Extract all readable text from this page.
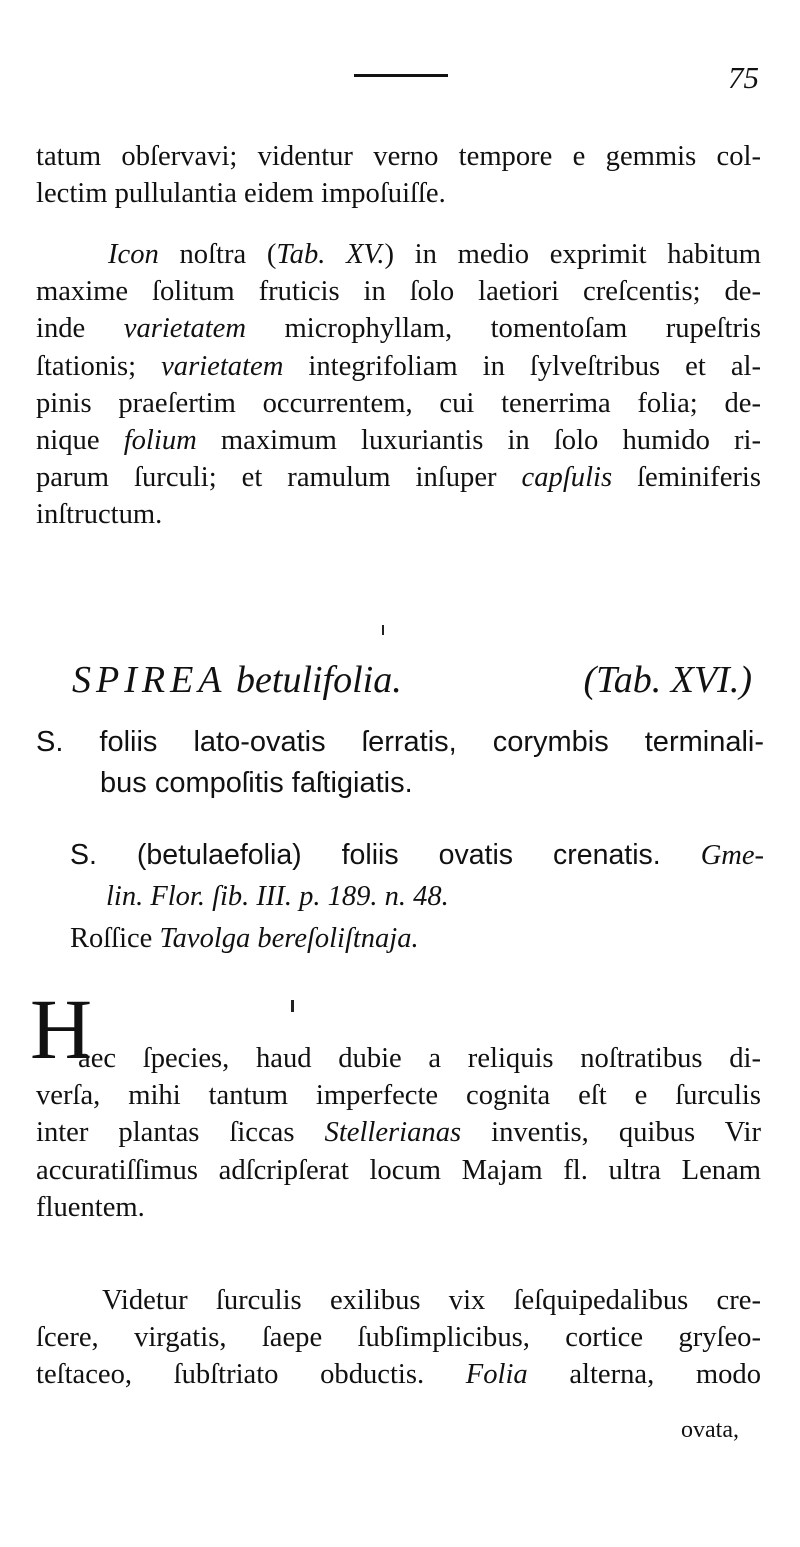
75
tatum obſervavi; videntur verno tempore e gemmis col-
lectim pullulantia eidem impoſuiſſe.
Icon noſtra (Tab. XV.) in medio exprimit habitum
maxime ſolitum fruticis in ſolo laetiori creſcentis; de-
inde varietatem microphyllam, tomentoſam rupeſtris
ſtationis; varietatem integrifoliam in ſylveſtribus et al-
pinis praeſertim occurrentem, cui tenerrima folia; de-
nique folium maximum luxuriantis in ſolo humido ri-
parum ſurculi; et ramulum inſuper capſulis ſeminiferis
inſtructum.
SPIREA betulifolia.	(Tab. XVI.)
S. foliis lato-ovatis ſerratis, corymbis terminali-
bus compoſitis faſtigiatis.
S. (betulaefolia) foliis ovatis crenatis. Gme-
lin. Flor. ſib. III. p. 189. n. 48.
Roſſice Tavolga bereſoliſtnaja.
H
aec ſpecies, haud dubie a reliquis noſtratibus di-
verſa, mihi tantum imperfecte cognita eſt e ſurculis
inter plantas ſiccas Stellerianas inventis, quibus Vir
accuratiſſimus adſcripſerat locum Majam fl. ultra Lenam
fluentem.
Videtur ſurculis exilibus vix ſeſquipedalibus cre-
ſcere, virgatis, ſaepe ſubſimplicibus, cortice gryſeo-
teſtaceo, ſubſtriato obductis. Folia alterna, modo
ovata,
